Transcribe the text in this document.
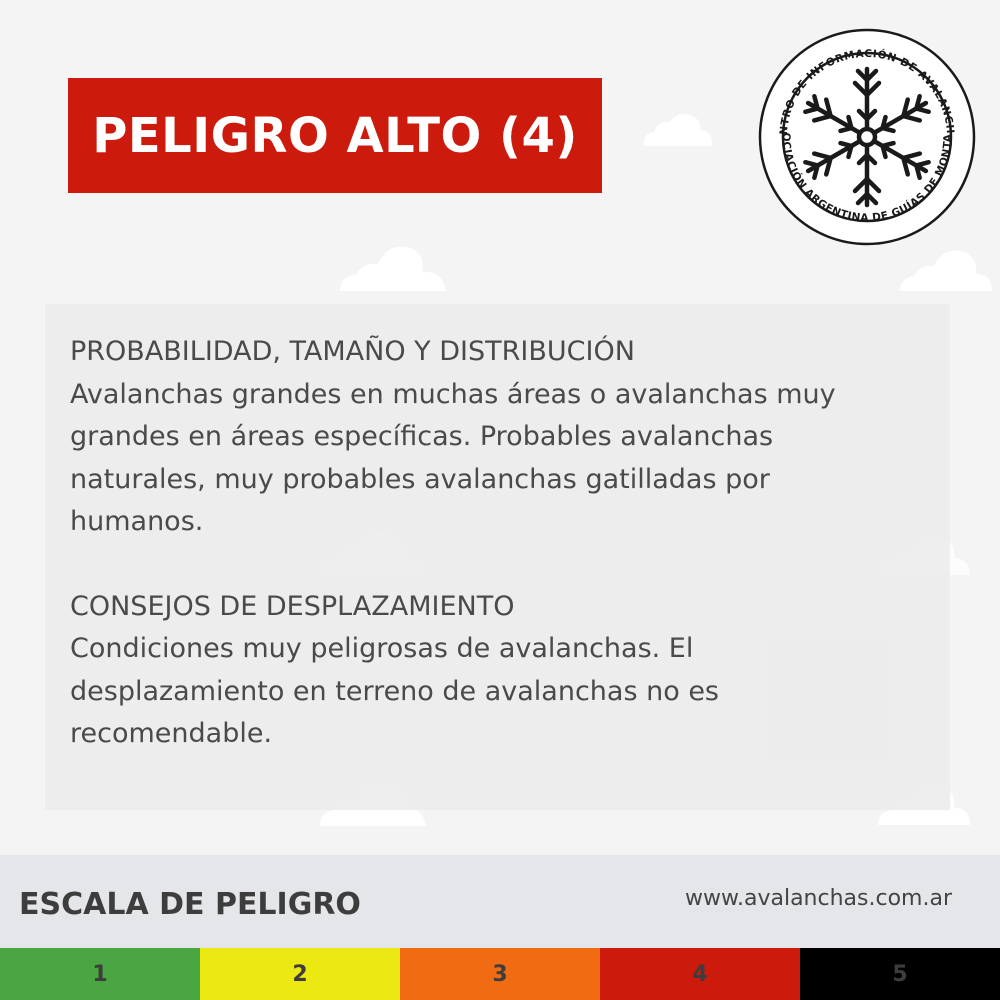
PELIGRO ALTO (4)	NTRO DE INFORMACIÓN DE AVALANCH
OCIACIÓN ARGENTINA DE GUÍAS DE MONTA

PROBABILIDAD, TAMAÑO Y DISTRIBUCIÓN

Avalanchas grandes en muchas áreas o avalanchas muy grandes en áreas específicas. Probables avalanchas naturales, muy probables avalanchas gatilladas por humanos.

CONSEJOS DE DESPLAZAMIENTO

Condiciones muy peligrosas de avalanchas. El desplazamiento en terreno de avalanchas no es recomendable.

ESCALA DE PELIGRO	www.avalanchas.com.ar
1	2	3	4	5
